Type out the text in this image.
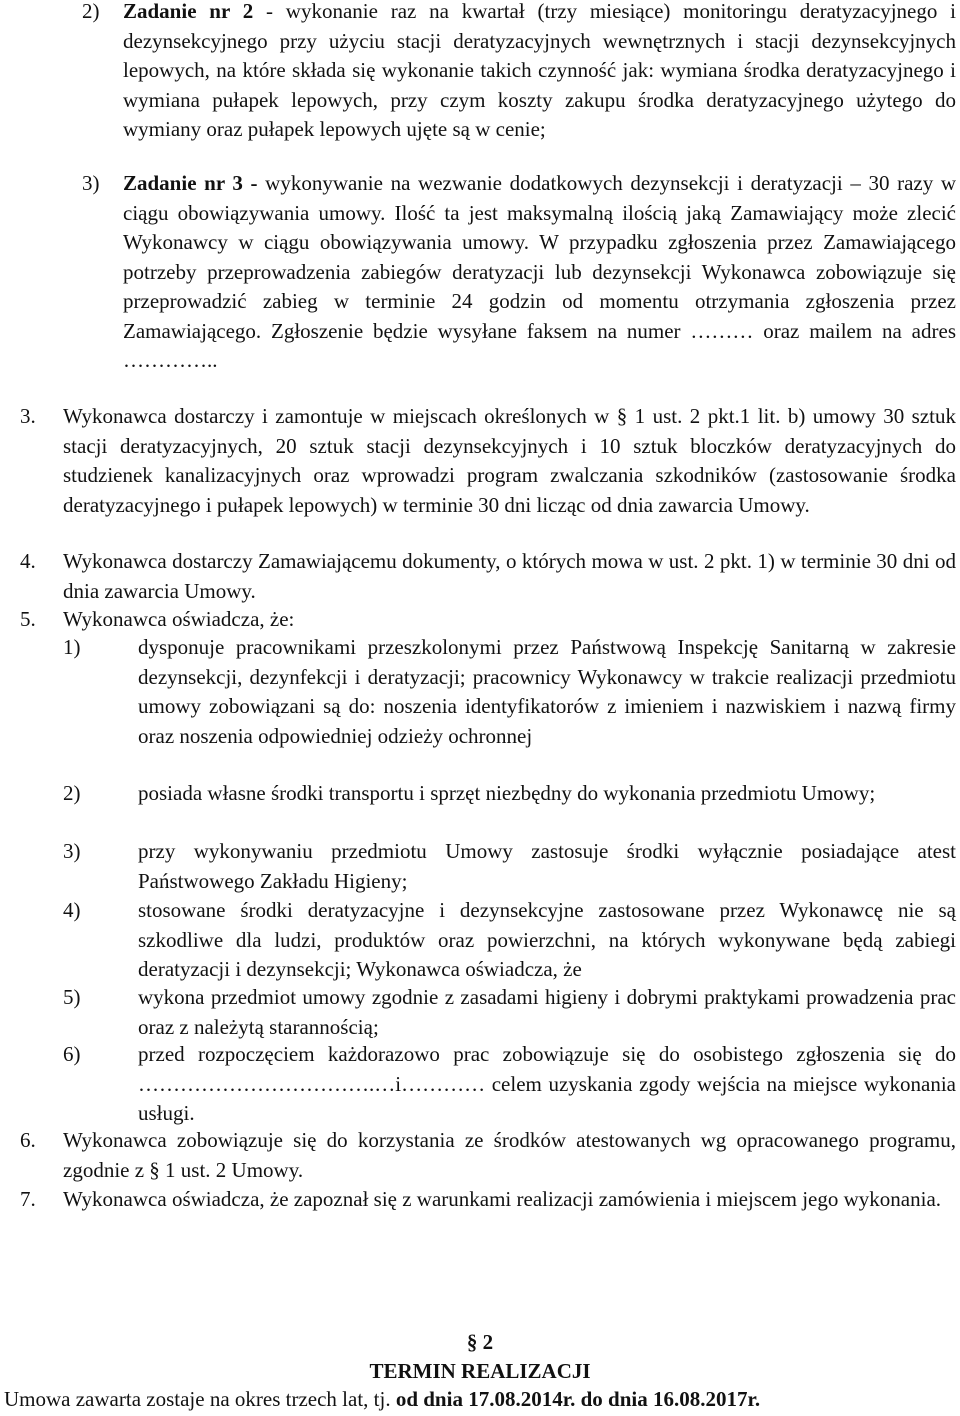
2) Zadanie nr 2 - wykonanie raz na kwartał (trzy miesiące) monitoringu deratyzacyjnego i dezynsekcyjnego przy użyciu stacji deratyzacyjnych wewnętrznych i stacji dezynsekcyjnych lepowych, na które składa się wykonanie takich czynność jak: wymiana środka deratyzacyjnego i wymiana pułapek lepowych, przy czym koszty zakupu środka deratyzacyjnego użytego do wymiany oraz pułapek lepowych ujęte są w cenie;
3) Zadanie nr 3 - wykonywanie na wezwanie dodatkowych dezynsekcji i deratyzacji – 30 razy w ciągu obowiązywania umowy. Ilość ta jest maksymalną ilością jaką Zamawiający może zlecić Wykonawcy w ciągu obowiązywania umowy. W przypadku zgłoszenia przez Zamawiającego potrzeby przeprowadzenia zabiegów deratyzacji lub dezynsekcji Wykonawca zobowiązuje się przeprowadzić zabieg w terminie 24 godzin od momentu otrzymania zgłoszenia przez Zamawiającego. Zgłoszenie będzie wysyłane faksem na numer ……… oraz mailem na adres …………..
3. Wykonawca dostarczy i zamontuje w miejscach określonych w § 1 ust. 2 pkt.1 lit. b) umowy 30 sztuk stacji deratyzacyjnych, 20 sztuk stacji dezynsekcyjnych i 10 sztuk bloczków deratyzacyjnych do studzienek kanalizacyjnych oraz wprowadzi program zwalczania szkodników (zastosowanie środka deratyzacyjnego i pułapek lepowych) w terminie 30 dni licząc od dnia zawarcia Umowy.
4. Wykonawca dostarczy Zamawiającemu dokumenty, o których mowa w ust. 2 pkt. 1) w terminie 30 dni od dnia zawarcia Umowy.
5. Wykonawca oświadcza, że:
1)	dysponuje pracownikami przeszkolonymi przez Państwową Inspekcję Sanitarną w zakresie dezynsekcji, dezynfekcji i deratyzacji; pracownicy Wykonawcy w trakcie realizacji przedmiotu umowy zobowiązani są do: noszenia identyfikatorów z imieniem i nazwiskiem i nazwą firmy oraz noszenia odpowiedniej odzieży ochronnej
2)	posiada własne środki transportu i sprzęt niezbędny do wykonania przedmiotu Umowy;
3)	przy wykonywaniu przedmiotu Umowy zastosuje środki wyłącznie posiadające atest Państwowego Zakładu Higieny;
4)	stosowane środki deratyzacyjne i dezynsekcyjne zastosowane przez Wykonawcę nie są szkodliwe dla ludzi, produktów oraz powierzchni, na których wykonywane będą zabiegi deratyzacji i dezynsekcji; Wykonawca oświadcza, że
5)	wykona przedmiot umowy zgodnie z zasadami higieny i dobrymi praktykami prowadzenia prac oraz z należytą starannością;
6)	przed rozpoczęciem każdorazowo prac zobowiązuje się do osobistego zgłoszenia się do …………………………….…i………… celem uzyskania zgody wejścia na miejsce wykonania usługi.
6. Wykonawca zobowiązuje się do korzystania ze środków atestowanych wg opracowanego programu, zgodnie z § 1 ust. 2 Umowy.
7. Wykonawca oświadcza, że zapoznał się z warunkami realizacji zamówienia i miejscem jego wykonania.
§ 2
TERMIN REALIZACJI
Umowa zawarta zostaje na okres trzech lat, tj. od dnia 17.08.2014r. do dnia 16.08.2017r.
